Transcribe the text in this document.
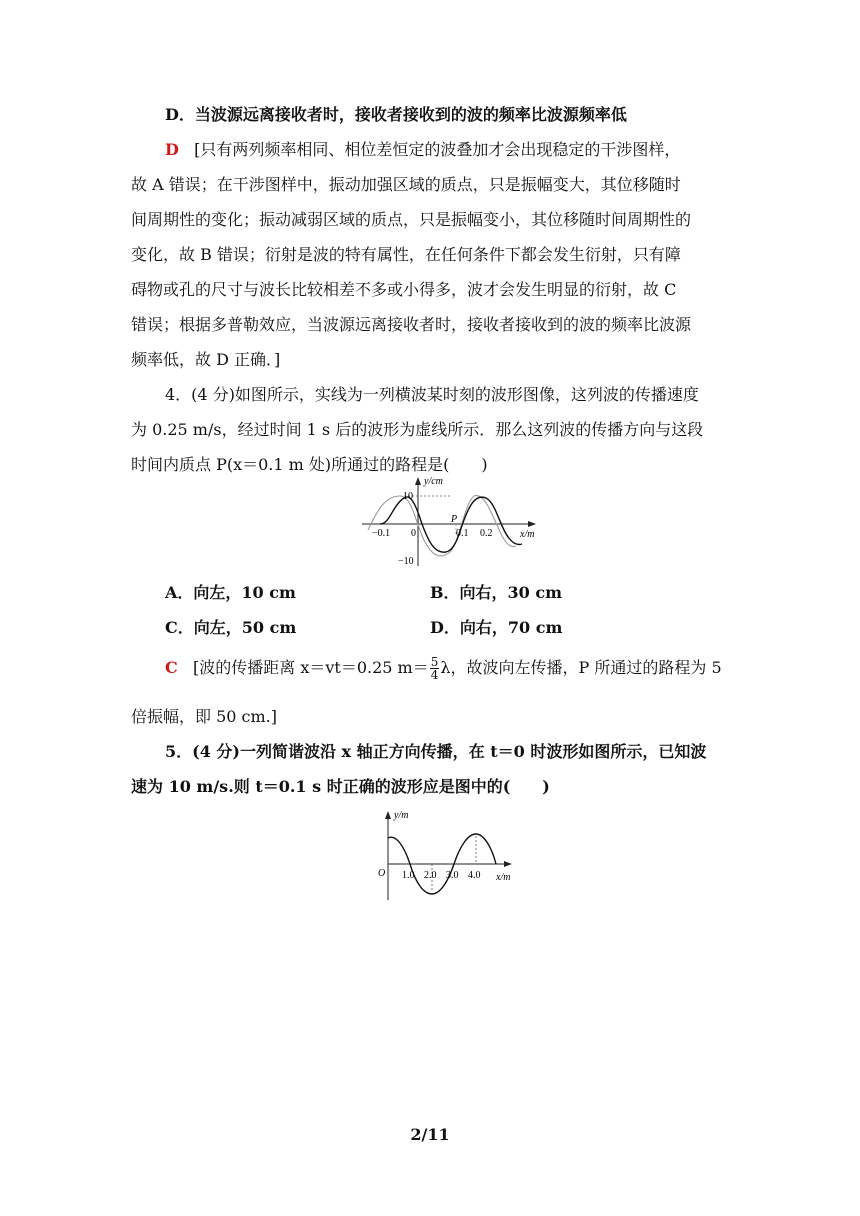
D．当波源远离接收者时，接收者接收到的波的频率比波源频率低
D [只有两列频率相同、相位差恒定的波叠加才会出现稳定的干涉图样，
故 A 错误；在干涉图样中，振动加强区域的质点，只是振幅变大，其位移随时
间周期性的变化；振动减弱区域的质点，只是振幅变小，其位移随时间周期性的
变化，故 B 错误；衍射是波的特有属性，在任何条件下都会发生衍射，只有障
碍物或孔的尺寸与波长比较相差不多或小得多，波才会发生明显的衍射，故 C
错误；根据多普勒效应，当波源远离接收者时，接收者接收到的波的频率比波源
频率低，故 D 正确．]
4．(4 分)如图所示，实线为一列横波某时刻的波形图像，这列波的传播速度
为 0.25 m/s，经过时间 1 s 后的波形为虚线所示．那么这列波的传播方向与这段
时间内质点 P(x＝0.1 m 处)所通过的路程是(　　)
y/cm
x/m
10
−10
−0.1 0	0.1 0.2
P
A．向左，10 cm	B．向右，30 cm
C．向左，50 cm	D．向右，70 cm
C [波的传播距离 x＝vt＝0.25 $m= \frac{5}{4}$ λ，故波向左传播，P 所通过的路程为 5
倍振幅，即 50 cm.]
5．(4 分)一列简谐波沿 x 轴正方向传播，在 t＝0 时波形如图所示，已知波
速为 10 m/s.则 t＝0.1 s 时正确的波形应是图中的(　　)
y/m
x/m
O 1.0 2.0 3.0 4.0
2/11
